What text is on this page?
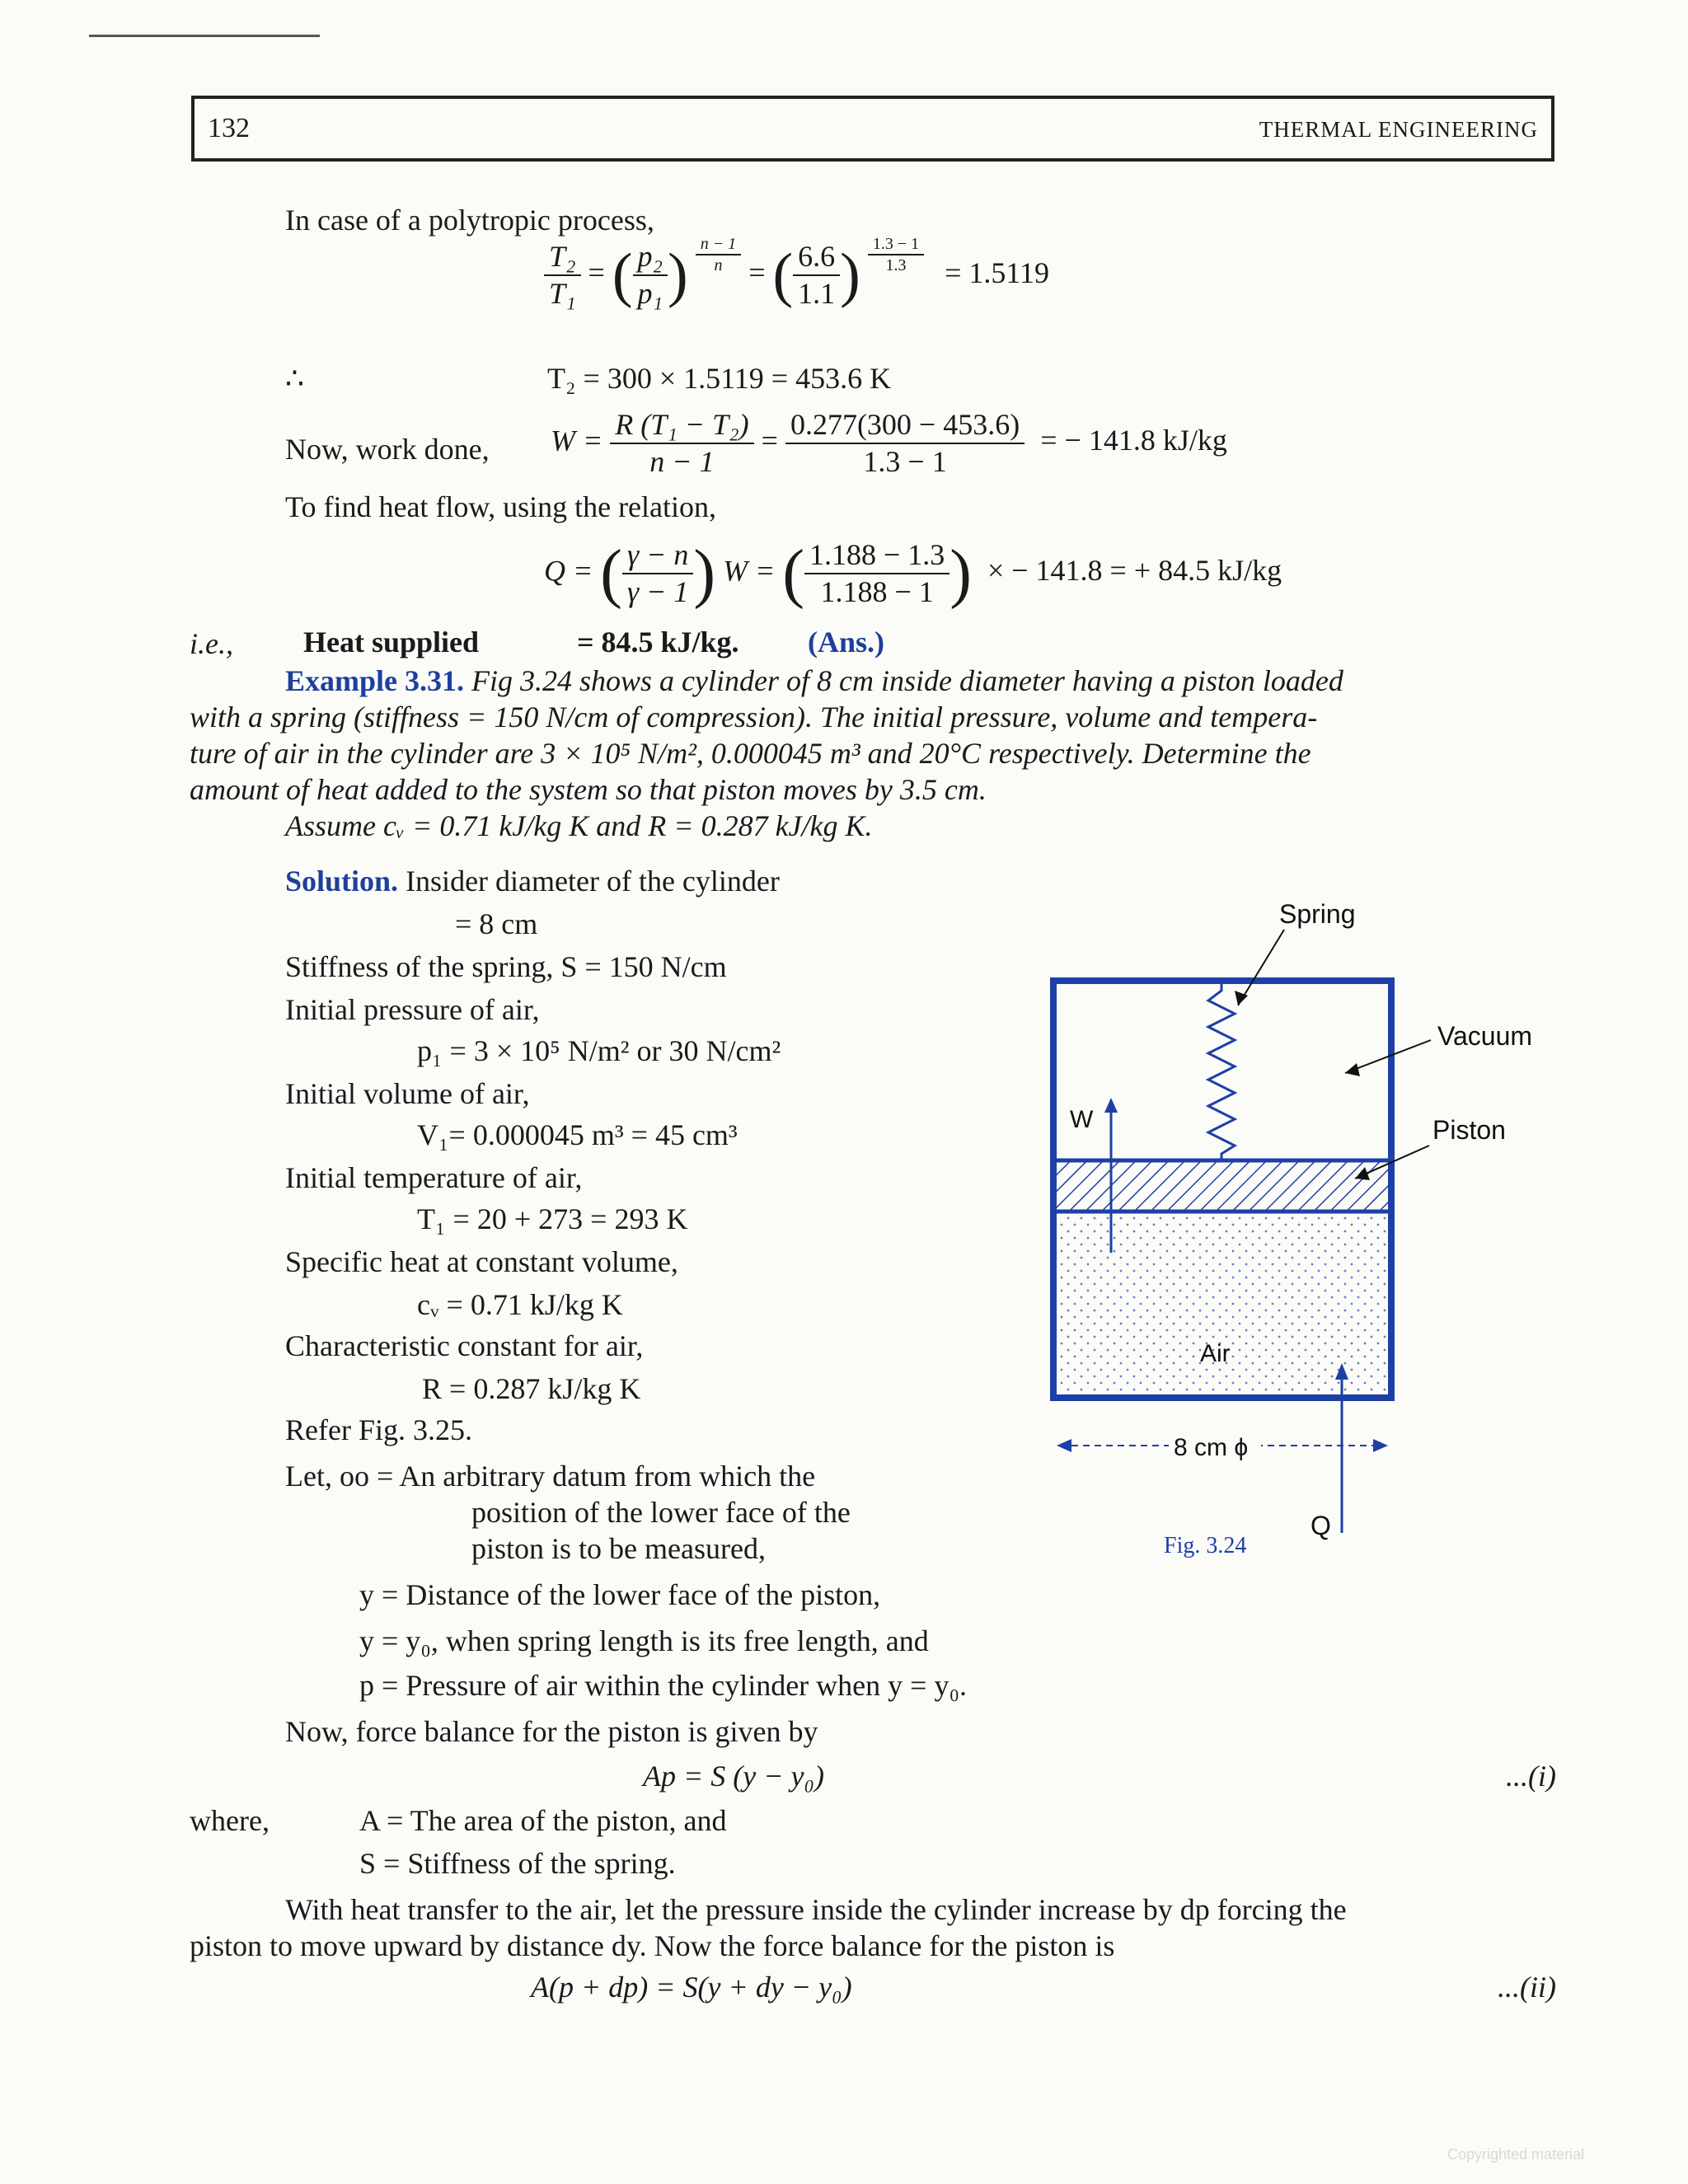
132	THERMAL ENGINEERING
In case of a polytropic process,
$\frac{\text{T₂}}{\text{T₁}}$ = ( $\frac{\text{p₂}}{\text{p₁}}$ ) $\frac{n - 1}{n}$ = ( $\frac{6.6}{1.1}$ ) $\frac{1.3 - 1}{1.3} = 1.5119$
∴	T₂ = 300 × 1.5119 = 453.6 K
Now, work done, $W = \frac{\text{R (T₁ − T₂)}}{n - 1} = \frac{0.277(300 - 453.6)}{1.3 - 1}$ = − 141.8 kJ/kg
To find heat flow, using the relation,
Q = ( $\frac{\gamma - n}{\gamma - 1}$ ) W = ( $\frac{1.188 - 1.3}{1.188 - 1}$ ) × − 141.8 = + 84.5 kJ/kg
i.e., Heat supplied	= 84.5 kJ/kg. (Ans.)
Example 3.31. Fig 3.24 shows a cylinder of 8 cm inside diameter having a piston loaded
with a spring (stiffness = 150 N/cm of compression). The initial pressure, volume and tempera-
ture of air in the cylinder are 3 × 10⁵ N/m², 0.000045 m³ and 20°C respectively. Determine the
amount of heat added to the system so that piston moves by 3.5 cm.
Assume cᵥ = 0.71 kJ/kg K and R = 0.287 kJ/kg K.
Solution. Insider diameter of the cylinder
= 8 cm
Stiffness of the spring, S = 150 N/cm
Initial pressure of air,
p₁ = 3 × 10⁵ N/m² or 30 N/cm²
Initial volume of air,
V₁= 0.000045 m³ = 45 cm³
Initial temperature of air,
T₁ = 20 + 273 = 293 K
Specific heat at constant volume,
cᵥ = 0.71 kJ/kg K
Characteristic constant for air,
R = 0.287 kJ/kg K
Refer Fig. 3.25.
Let, oo = An arbitrary datum from which the
position of the lower face of the
piston is to be measured,
y = Distance of the lower face of the piston,
y = y₀, when spring length is its free length, and
p = Pressure of air within the cylinder when y = y₀.
Now, force balance for the piston is given by
Ap = S (y − y₀)	...(i)
where,	A = The area of the piston, and
S = Stiffness of the spring.
With heat transfer to the air, let the pressure inside the cylinder increase by dp forcing the
piston to move upward by distance dy. Now the force balance for the piston is
A(p + dp) = S(y + dy − y₀)	...(ii)
Spring
Vacuum
Piston
W
Air
8 cm ϕ
Q
Fig. 3.24
Copyrighted material
